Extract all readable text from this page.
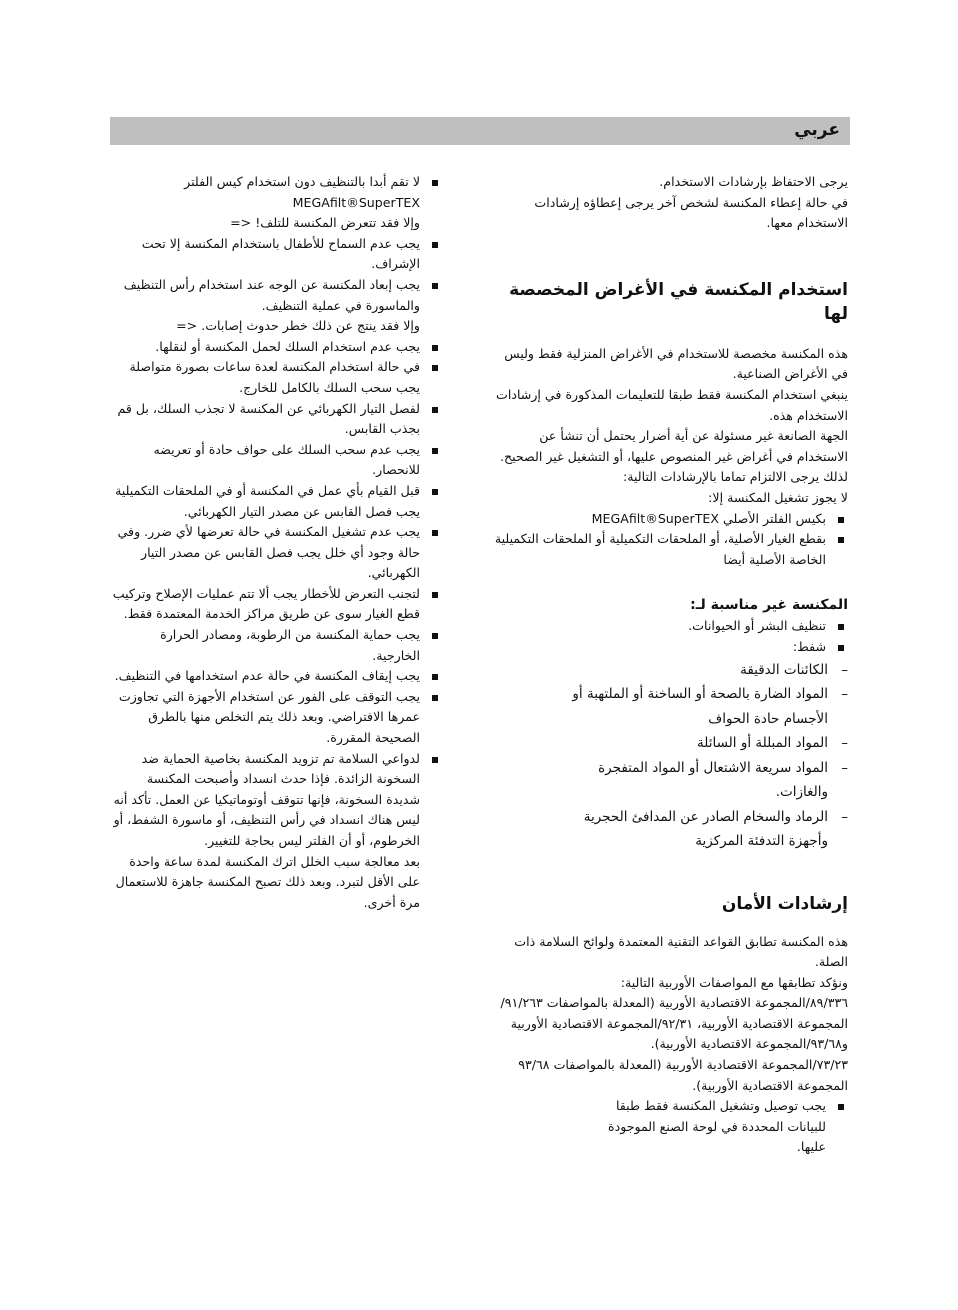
عربي

يرجى الاحتفاظ بإرشادات الاستخدام.

في حالة إعطاء المكنسة لشخص آخر يرجى إعطاؤه إرشادات الاستخدام معها.

استخدام المكنسة في الأغراض المخصصة لها

هذه المكنسة مخصصة للاستخدام في الأغراض المنزلية فقط وليس في الأغراض الصناعية.

ينبغي استخدام المكنسة فقط طبقا للتعليمات المذكورة في إرشادات الاستخدام هذه.

الجهة الصانعة غير مسئولة عن أية أضرار يحتمل أن تنشأ عن الاستخدام في أغراض غير المنصوص عليها، أو التشغيل غير الصحيح.

لذلك يرجى الالتزام تماما بالإرشادات التالية:

لا يجوز تشغيل المكنسة إلا:

بكيس الفلتر الأصلي MEGAfilt®SuperTEX
بقطع الغيار الأصلية، أو الملحقات التكميلية أو الملحقات التكميلية الخاصة الأصلية أيضا
المكنسة غير مناسبة لـ:
تنظيف البشر أو الحيوانات.
شفط:
– الكائنات الدقيقة
– المواد الضارة بالصحة أو الساخنة أو الملتهبة أو الأجسام حادة الحواف
– المواد المبللة أو السائلة
– المواد سريعة الاشتعال أو المواد المتفجرة والغازات.
– الرماد والسخام الصادر عن المدافئ الحجرية وأجهزة التدفئة المركزية
إرشادات الأمان

هذه المكنسة تطابق القواعد التقنية المعتمدة ولوائح السلامة ذات الصلة.

ونؤكد تطابقها مع المواصفات الأوربية التالية:

٨٩/٣٣٦/المجموعة الاقتصادية الأوربية (المعدلة بالمواصفات ٩١/٢٦٣/المجموعة الاقتصادية الأوربية، ٩٢/٣١/المجموعة الاقتصادية الأوربية و٩٣/٦٨/المجموعة الاقتصادية الأوربية).

٧٣/٢٣/المجموعة الاقتصادية الأوربية (المعدلة بالمواصفات ٩٣/٦٨ المجموعة الاقتصادية الأوربية).

يجب توصيل وتشغيل المكنسة فقط طبقا للبيانات المحددة في لوحة الصنع الموجودة عليها.
لا تقم أبدا بالتنظيف دون استخدام كيس الفلتر
MEGAfilt®SuperTEX
وإلا فقد تتعرض المكنسة للتلف! =>
يجب عدم السماح للأطفال باستخدام المكنسة إلا تحت الإشراف.
يجب إبعاد المكنسة عن الوجه عند استخدام رأس التنظيف والماسورة في عملية التنظيف.
وإلا فقد ينتج عن ذلك خطر حدوث إصابات. =>
يجب عدم استخدام السلك لحمل المكنسة أو لنقلها.
في حالة استخدام المكنسة لعدة ساعات بصورة متواصلة يجب سحب السلك بالكامل للخارج.
لفصل التيار الكهربائي عن المكنسة لا تجذب السلك، بل قم بجذب القابس.
يجب عدم سحب السلك على حواف حادة أو تعريضه للانحصار.
قبل القيام بأي عمل في المكنسة أو في الملحقات التكميلية يجب فصل القابس عن مصدر التيار الكهربائي.
يجب عدم تشغيل المكنسة في حالة تعرضها لأي ضرر. وفي حالة وجود أي خلل يجب فصل القابس عن مصدر التيار الكهربائي.
لتجنب التعرض للأخطار يجب ألا تتم عمليات الإصلاح وتركيب قطع الغيار سوى عن طريق مراكز الخدمة المعتمدة فقط.
يجب حماية المكنسة من الرطوبة، ومصادر الحرارة الخارجية.
يجب إيقاف المكنسة في حالة عدم استخدامها في التنظيف.
يجب التوقف على الفور عن استخدام الأجهزة التي تجاوزت عمرها الافتراضي. وبعد ذلك يتم التخلص منها بالطرق الصحيحة المقررة.
لدواعي السلامة تم تزويد المكنسة بخاصية الحماية ضد السخونة الزائدة. فإذا حدث انسداد وأصبحت المكنسة شديدة السخونة، فإنها تتوقف أوتوماتيكيا عن العمل. تأكد أنه ليس هناك انسداد في رأس التنظيف، أو ماسورة الشفط، أو الخرطوم، أو أن الفلتر ليس بحاجة للتغيير.
بعد معالجة سبب الخلل اترك المكنسة لمدة ساعة واحدة على الأقل لتبرد. وبعد ذلك تصبح المكنسة جاهزة للاستعمال مرة أخرى.
